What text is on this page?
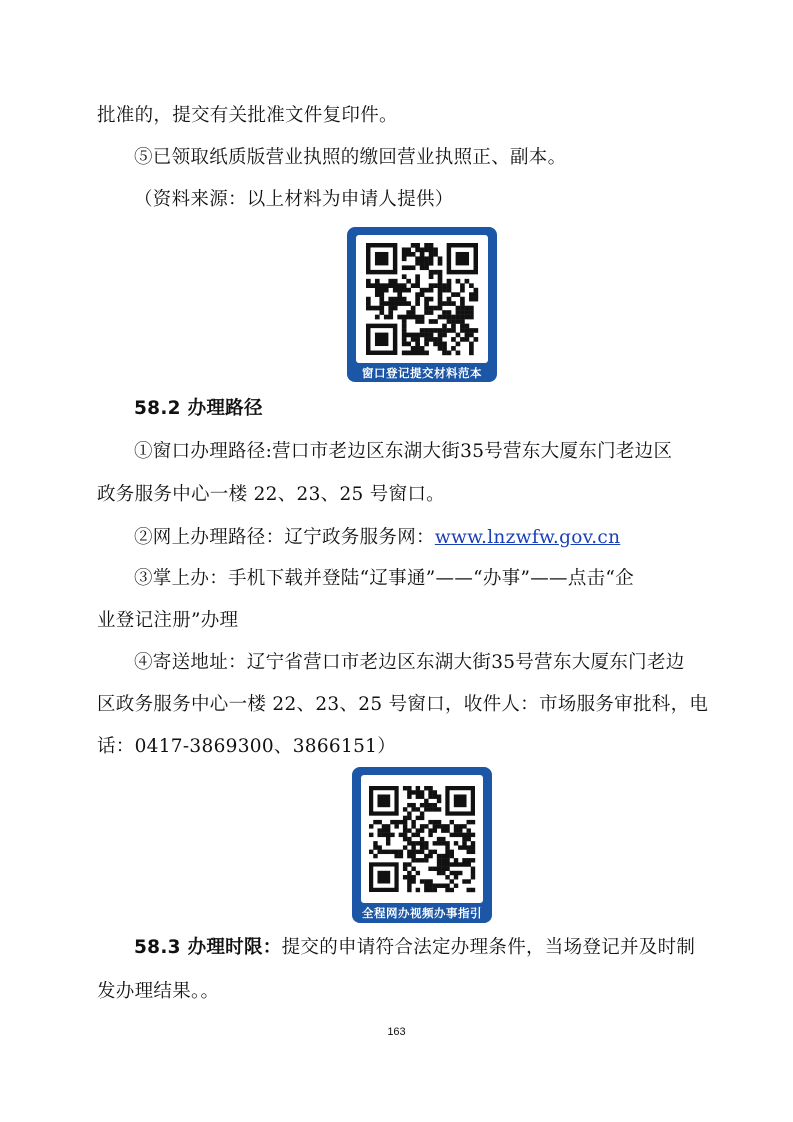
批准的，提交有关批准文件复印件。
⑤已领取纸质版营业执照的缴回营业执照正、副本。
（资料来源：以上材料为申请人提供）
窗口登记提交材料范本
58.2 办理路径
①窗口办理路径:营口市老边区东湖大街35号营东大厦东门老边区
政务服务中心一楼 22、23、25 号窗口。
②网上办理路径：辽宁政务服务网：www.lnzwfw.gov.cn
③掌上办：手机下载并登陆“辽事通”——“办事”——点击“企
业登记注册”办理
④寄送地址：辽宁省营口市老边区东湖大街35号营东大厦东门老边
区政务服务中心一楼 22、23、25 号窗口，收件人：市场服务审批科，电
话：0417-3869300、3866151）
全程网办视频办事指引
58.3 办理时限：提交的申请符合法定办理条件，当场登记并及时制
发办理结果。。
163
